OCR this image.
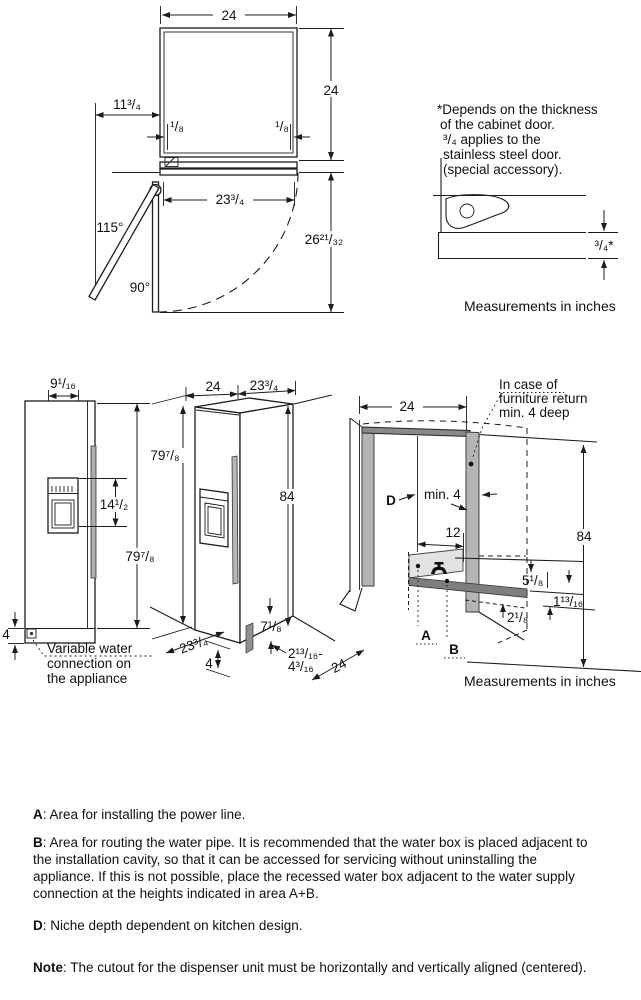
24
24
11³/₄
¹/₈	¹/₈
23³/₄
26²¹/₃₂
115°
90°
*Depends on the thickness
of the cabinet door.
³/₄ applies to the
stainless steel door.
(special accessory).
³/₄*
Measurements in inches
9¹/₁₆
79⁷/₈
14¹/₂
4
Variable water
connection on
the appliance
24 23³/₄
79⁷/₈
84
7¹/₈
23³/₄
4
2¹³/₁₆-
4³/₁₆ 24
24
In case of
furniture return
min. 4 deep
D min. 4
12	84
5¹/₈
1¹³/₁₆
2¹/₈
A
B
Measurements in inches

A: Area for installing the power line.

B: Area for routing the water pipe. It is recommended that the water box is placed adjacent to the installation cavity, so that it can be accessed for servicing without uninstalling the appliance. If this is not possible, place the recessed water box adjacent to the water supply connection at the heights indicated in area A+B.

D: Niche depth dependent on kitchen design.

Note: The cutout for the dispenser unit must be horizontally and vertically aligned (centered).
